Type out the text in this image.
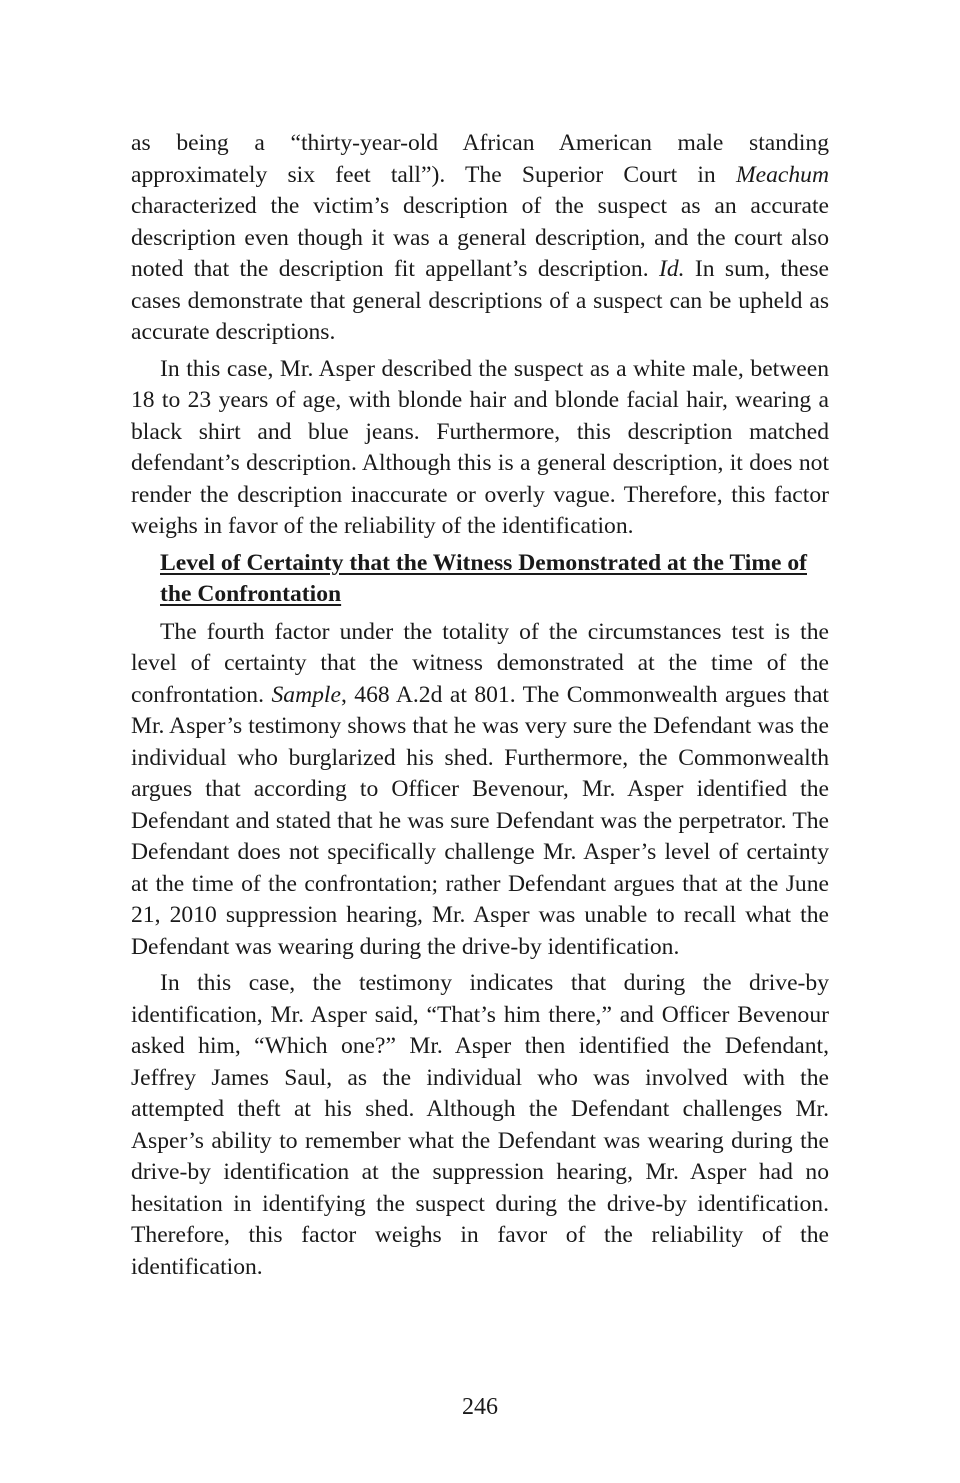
as being a “thirty-year-old African American male standing approximately six feet tall”). The Superior Court in Meachum characterized the victim’s description of the suspect as an accurate description even though it was a general description, and the court also noted that the description fit appellant’s description. Id. In sum, these cases demonstrate that general descriptions of a suspect can be upheld as accurate descriptions.

In this case, Mr. Asper described the suspect as a white male, between 18 to 23 years of age, with blonde hair and blonde facial hair, wearing a black shirt and blue jeans. Furthermore, this description matched defendant’s description. Although this is a general description, it does not render the description inaccurate or overly vague. Therefore, this factor weighs in favor of the reliability of the identification.

Level of Certainty that the Witness Demonstrated at the Time of the Confrontation

The fourth factor under the totality of the circumstances test is the level of certainty that the witness demonstrated at the time of the confrontation. Sample, 468 A.2d at 801. The Commonwealth argues that Mr. Asper’s testimony shows that he was very sure the Defendant was the individual who burglarized his shed. Furthermore, the Commonwealth argues that according to Officer Bevenour, Mr. Asper identified the Defendant and stated that he was sure Defendant was the perpetrator. The Defendant does not specifically challenge Mr. Asper’s level of certainty at the time of the confrontation; rather Defendant argues that at the June 21, 2010 suppression hearing, Mr. Asper was unable to recall what the Defendant was wearing during the drive-by identification.

In this case, the testimony indicates that during the drive-by identification, Mr. Asper said, “That’s him there,” and Officer Bevenour asked him, “Which one?” Mr. Asper then identified the Defendant, Jeffrey James Saul, as the individual who was involved with the attempted theft at his shed. Although the Defendant challenges Mr. Asper’s ability to remember what the Defendant was wearing during the drive-by identification at the suppression hearing, Mr. Asper had no hesitation in identifying the suspect during the drive-by identification. Therefore, this factor weighs in favor of the reliability of the identification.

246
